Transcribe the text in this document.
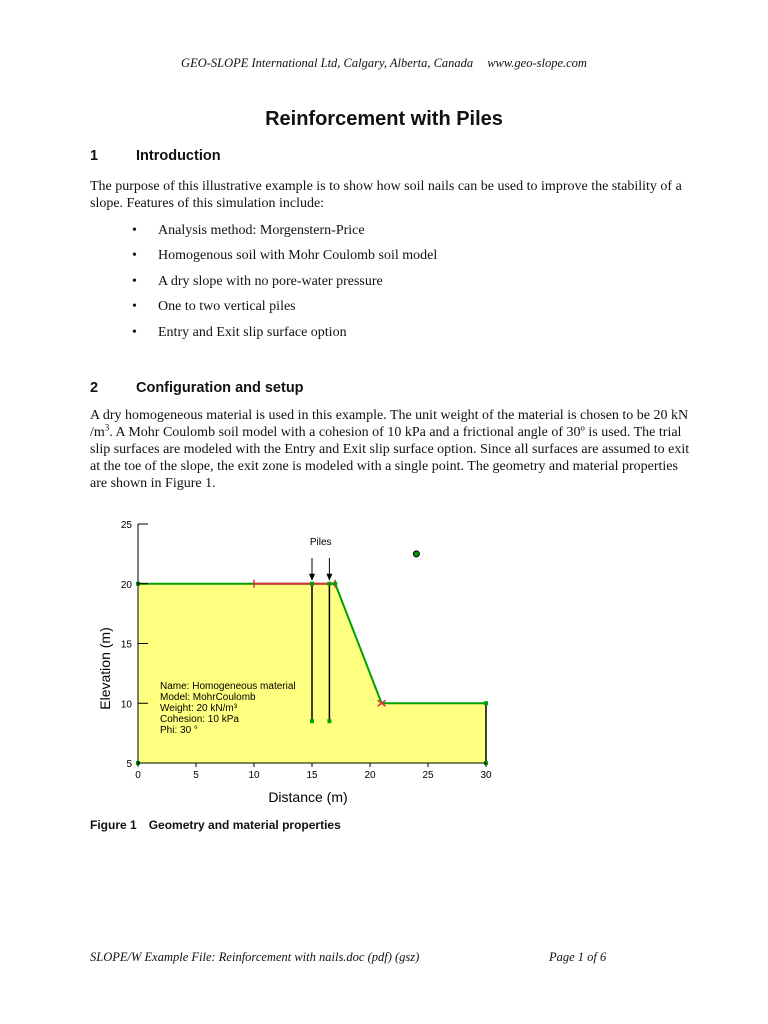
GEO-SLOPE International Ltd, Calgary, Alberta, Canada www.geo-slope.com
Reinforcement with Piles
1	Introduction

The purpose of this illustrative example is to show how soil nails can be used to improve the stability of a slope. Features of this simulation include:

• Analysis method: Morgenstern-Price
• Homogenous soil with Mohr Coulomb soil model
• A dry slope with no pore-water pressure
• One to two vertical piles
• Entry and Exit slip surface option
2	Configuration and setup

A dry homogeneous material is used in this example. The unit weight of the material is chosen to be 20 kN $/m^3$. A Mohr Coulomb soil model with a cohesion of 10 kPa and a frictional angle of 30º is used. The trial slip surfaces are modeled with the Entry and Exit slip surface option. Since all surfaces are assumed to exit at the toe of the slope, the exit zone is modeled with a single point. The geometry and material properties are shown in Figure 1.

Piles
5
10
15
20
25
0	5	10	15	20	25	30
Distance (m)
Elevation (m)	Name: Homogeneous material
Model: MohrCoulomb
Weight: 20 kN/m³
Cohesion: 10 kPa
Phi: 30 °
Figure 1 Geometry and material properties
SLOPE/W Example File: Reinforcement with nails.doc (pdf) (gsz)	Page 1 of 6
